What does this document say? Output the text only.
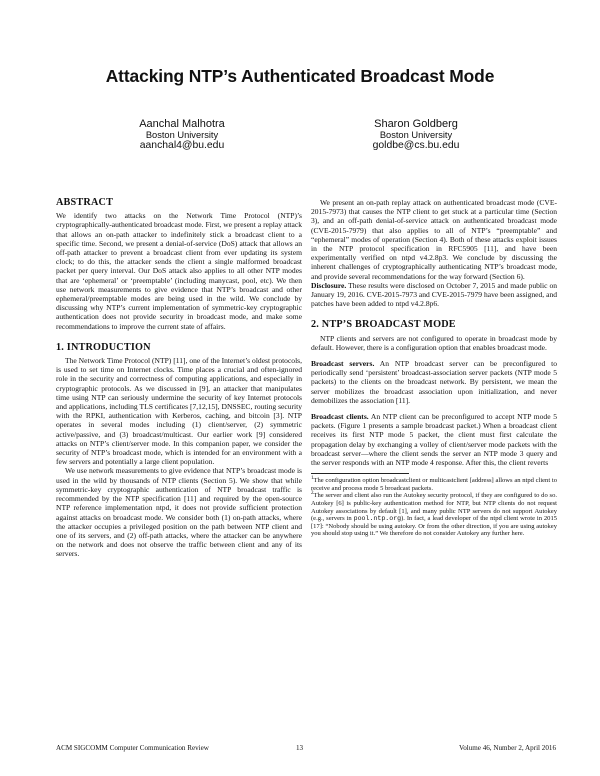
Attacking NTP’s Authenticated Broadcast Mode
Aanchal Malhotra
Boston University
aanchal4@bu.edu
Sharon Goldberg
Boston University
goldbe@cs.bu.edu
ABSTRACT

We identify two attacks on the Network Time Protocol (NTP)’s cryptographically-authenticated broadcast mode. First, we present a replay attack that allows an on-path attacker to indefinitely stick a broadcast client to a specific time. Second, we present a denial-of-service (DoS) attack that allows an off-path attacker to prevent a broadcast client from ever updating its system clock; to do this, the attacker sends the client a single malformed broadcast packet per query interval. Our DoS attack also applies to all other NTP modes that are ‘ephemeral’ or ‘preemptable’ (including manycast, pool, etc). We then use network measurements to give evidence that NTP’s broadcast and other ephemeral/preemptable modes are being used in the wild. We conclude by discussing why NTP’s current implementation of symmetric-key cryptographic authentication does not provide security in broadcast mode, and make some recommendations to improve the current state of affairs.

1. INTRODUCTION

The Network Time Protocol (NTP) [11], one of the Internet’s oldest protocols, is used to set time on Internet clocks. Time places a crucial and often-ignored role in the security and correctness of computing applications, and especially in cryptographic protocols. As we discussed in [9], an attacker that manipulates time using NTP can seriously undermine the security of key Internet protocols and applications, including TLS certificates [7,12,15], DNSSEC, routing security with the RPKI, authentication with Kerberos, caching, and bitcoin [3]. NTP operates in several modes including (1) client/server, (2) symmetric active/passive, and (3) broadcast/multicast. Our earlier work [9] considered attacks on NTP’s client/server mode. In this companion paper, we consider the security of NTP’s broadcast mode, which is intended for an environment with a few servers and potentially a large client population.

We use network measurements to give evidence that NTP’s broadcast mode is used in the wild by thousands of NTP clients (Section 5). We show that while symmetric-key cryptographic authentication of NTP broadcast traffic is recommended by the NTP specification [11] and required by the open-source NTP reference implementation ntpd, it does not provide sufficient protection against attacks on broadcast mode. We consider both (1) on-path attacks, where the attacker occupies a privileged position on the path between NTP client and one of its servers, and (2) off-path attacks, where the attacker can be anywhere on the network and does not observe the traffic between client and any of its servers.

We present an on-path replay attack on authenticated broadcast mode (CVE-2015-7973) that causes the NTP client to get stuck at a particular time (Section 3), and an off-path denial-of-service attack on authenticated broadcast mode (CVE-2015-7979) that also applies to all of NTP’s “preemptable” and “ephemeral” modes of operation (Section 4). Both of these attacks exploit issues in the NTP protocol specification in RFC5905 [11], and have been experimentally verified on ntpd v4.2.8p3. We conclude by discussing the inherent challenges of cryptographically authenticating NTP’s broadcast mode, and provide several recommendations for the way forward (Section 6).

Disclosure. These results were disclosed on October 7, 2015 and made public on January 19, 2016. CVE-2015-7973 and CVE-2015-7979 have been assigned, and patches have been added to ntpd v4.2.8p6.

2. NTP’S BROADCAST MODE

NTP clients and servers are not configured to operate in broadcast mode by default. However, there is a configuration option that enables broadcast mode.

Broadcast servers. An NTP broadcast server can be preconfigured to periodically send ‘persistent’ broadcast-association server packets (NTP mode 5 packets) to the clients on the broadcast network. By persistent, we mean the server mobilizes the broadcast association upon initialization, and never demobilizes the association [11].

Broadcast clients. An NTP client can be preconfigured to accept NTP mode 5 packets. (Figure 1 presents a sample broadcast packet.) When a broadcast client receives its first NTP mode 5 packet, the client must first calculate the propagation delay by exchanging a volley of client/server mode packets with the broadcast server—where the client sends the server an NTP mode 3 query and the server responds with an NTP mode 4 response. After this, the client reverts

$^1$The configuration option broadcastclient or multicastclient [address] allows an ntpd client to receive and process mode 5 broadcast packets.

$^2$The server and client also run the Autokey security protocol, if they are configured to do so. Autokey [6] is public-key authentication method for NTP, but NTP clients do not request Autokey associations by default [1], and many public NTP servers do not support Autokey (e.g., servers in pool.ntp.org). In fact, a lead developer of the ntpd client wrote in 2015 [17]: “Nobody should be using autokey. Or from the other direction, if you are using autokey you should stop using it.” We therefore do not consider Autokey any further here.

ACM SIGCOMM Computer Communication Review	13	Volume 46, Number 2, April 2016
